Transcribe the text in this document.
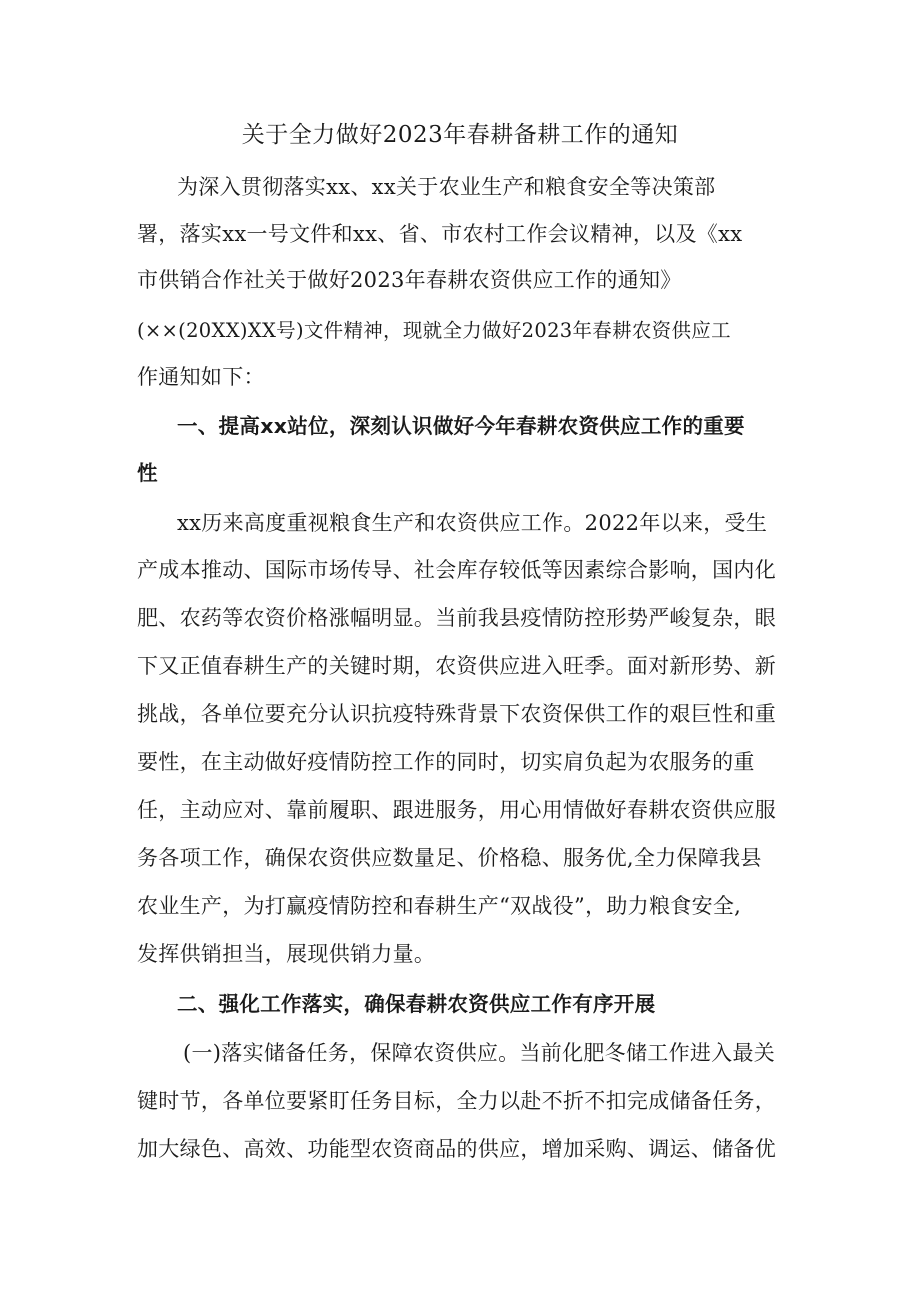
关于全力做好2023年春耕备耕工作的通知
为深入贯彻落实xx、xx关于农业生产和粮食安全等决策部
署，落实xx一号文件和xx、省、市农村工作会议精神，以及《xx
市供销合作社关于做好2023年春耕农资供应工作的通知》
(××(20XX)XX号)文件精神，现就全力做好2023年春耕农资供应工
作通知如下：
一、提高xx站位，深刻认识做好今年春耕农资供应工作的重要
性
xx历来高度重视粮食生产和农资供应工作。2022年以来，受生
产成本推动、国际市场传导、社会库存较低等因素综合影响，国内化
肥、农药等农资价格涨幅明显。当前我县疫情防控形势严峻复杂，眼
下又正值春耕生产的关键时期，农资供应进入旺季。面对新形势、新
挑战，各单位要充分认识抗疫特殊背景下农资保供工作的艰巨性和重
要性，在主动做好疫情防控工作的同时，切实肩负起为农服务的重
任，主动应对、靠前履职、跟进服务，用心用情做好春耕农资供应服
务各项工作，确保农资供应数量足、价格稳、服务优,全力保障我县
农业生产，为打赢疫情防控和春耕生产“双战役”，助力粮食安全,
发挥供销担当，展现供销力量。
二、强化工作落实，确保春耕农资供应工作有序开展
(一)落实储备任务，保障农资供应。当前化肥冬储工作进入最关
键时节，各单位要紧盯任务目标，全力以赴不折不扣完成储备任务，
加大绿色、高效、功能型农资商品的供应，增加采购、调运、储备优
